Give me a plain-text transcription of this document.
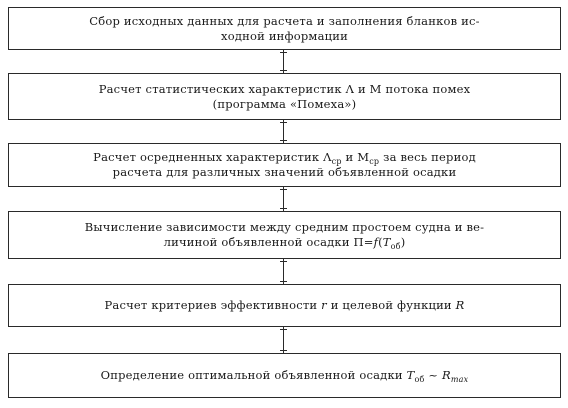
Сбор исходных данных для расчета и заполнения бланков ис-
ходной информации
Расчет статистических характеристик Λ и M потока помех
(программа «Помеха»)
Расчет осредненных характеристик $\Lambda_{ср}$ и $M_{ср}$ за весь период
расчета для различных значений объявленной осадки
Вычисление зависимости между средним простоем судна и ве-
личиной объявленной осадки $\Pi=f(T_{об})$
Расчет критериев эффективности r и целевой функции R
Определение оптимальной объявленной осадки $T_{об}$ ~ $R_{max}$
